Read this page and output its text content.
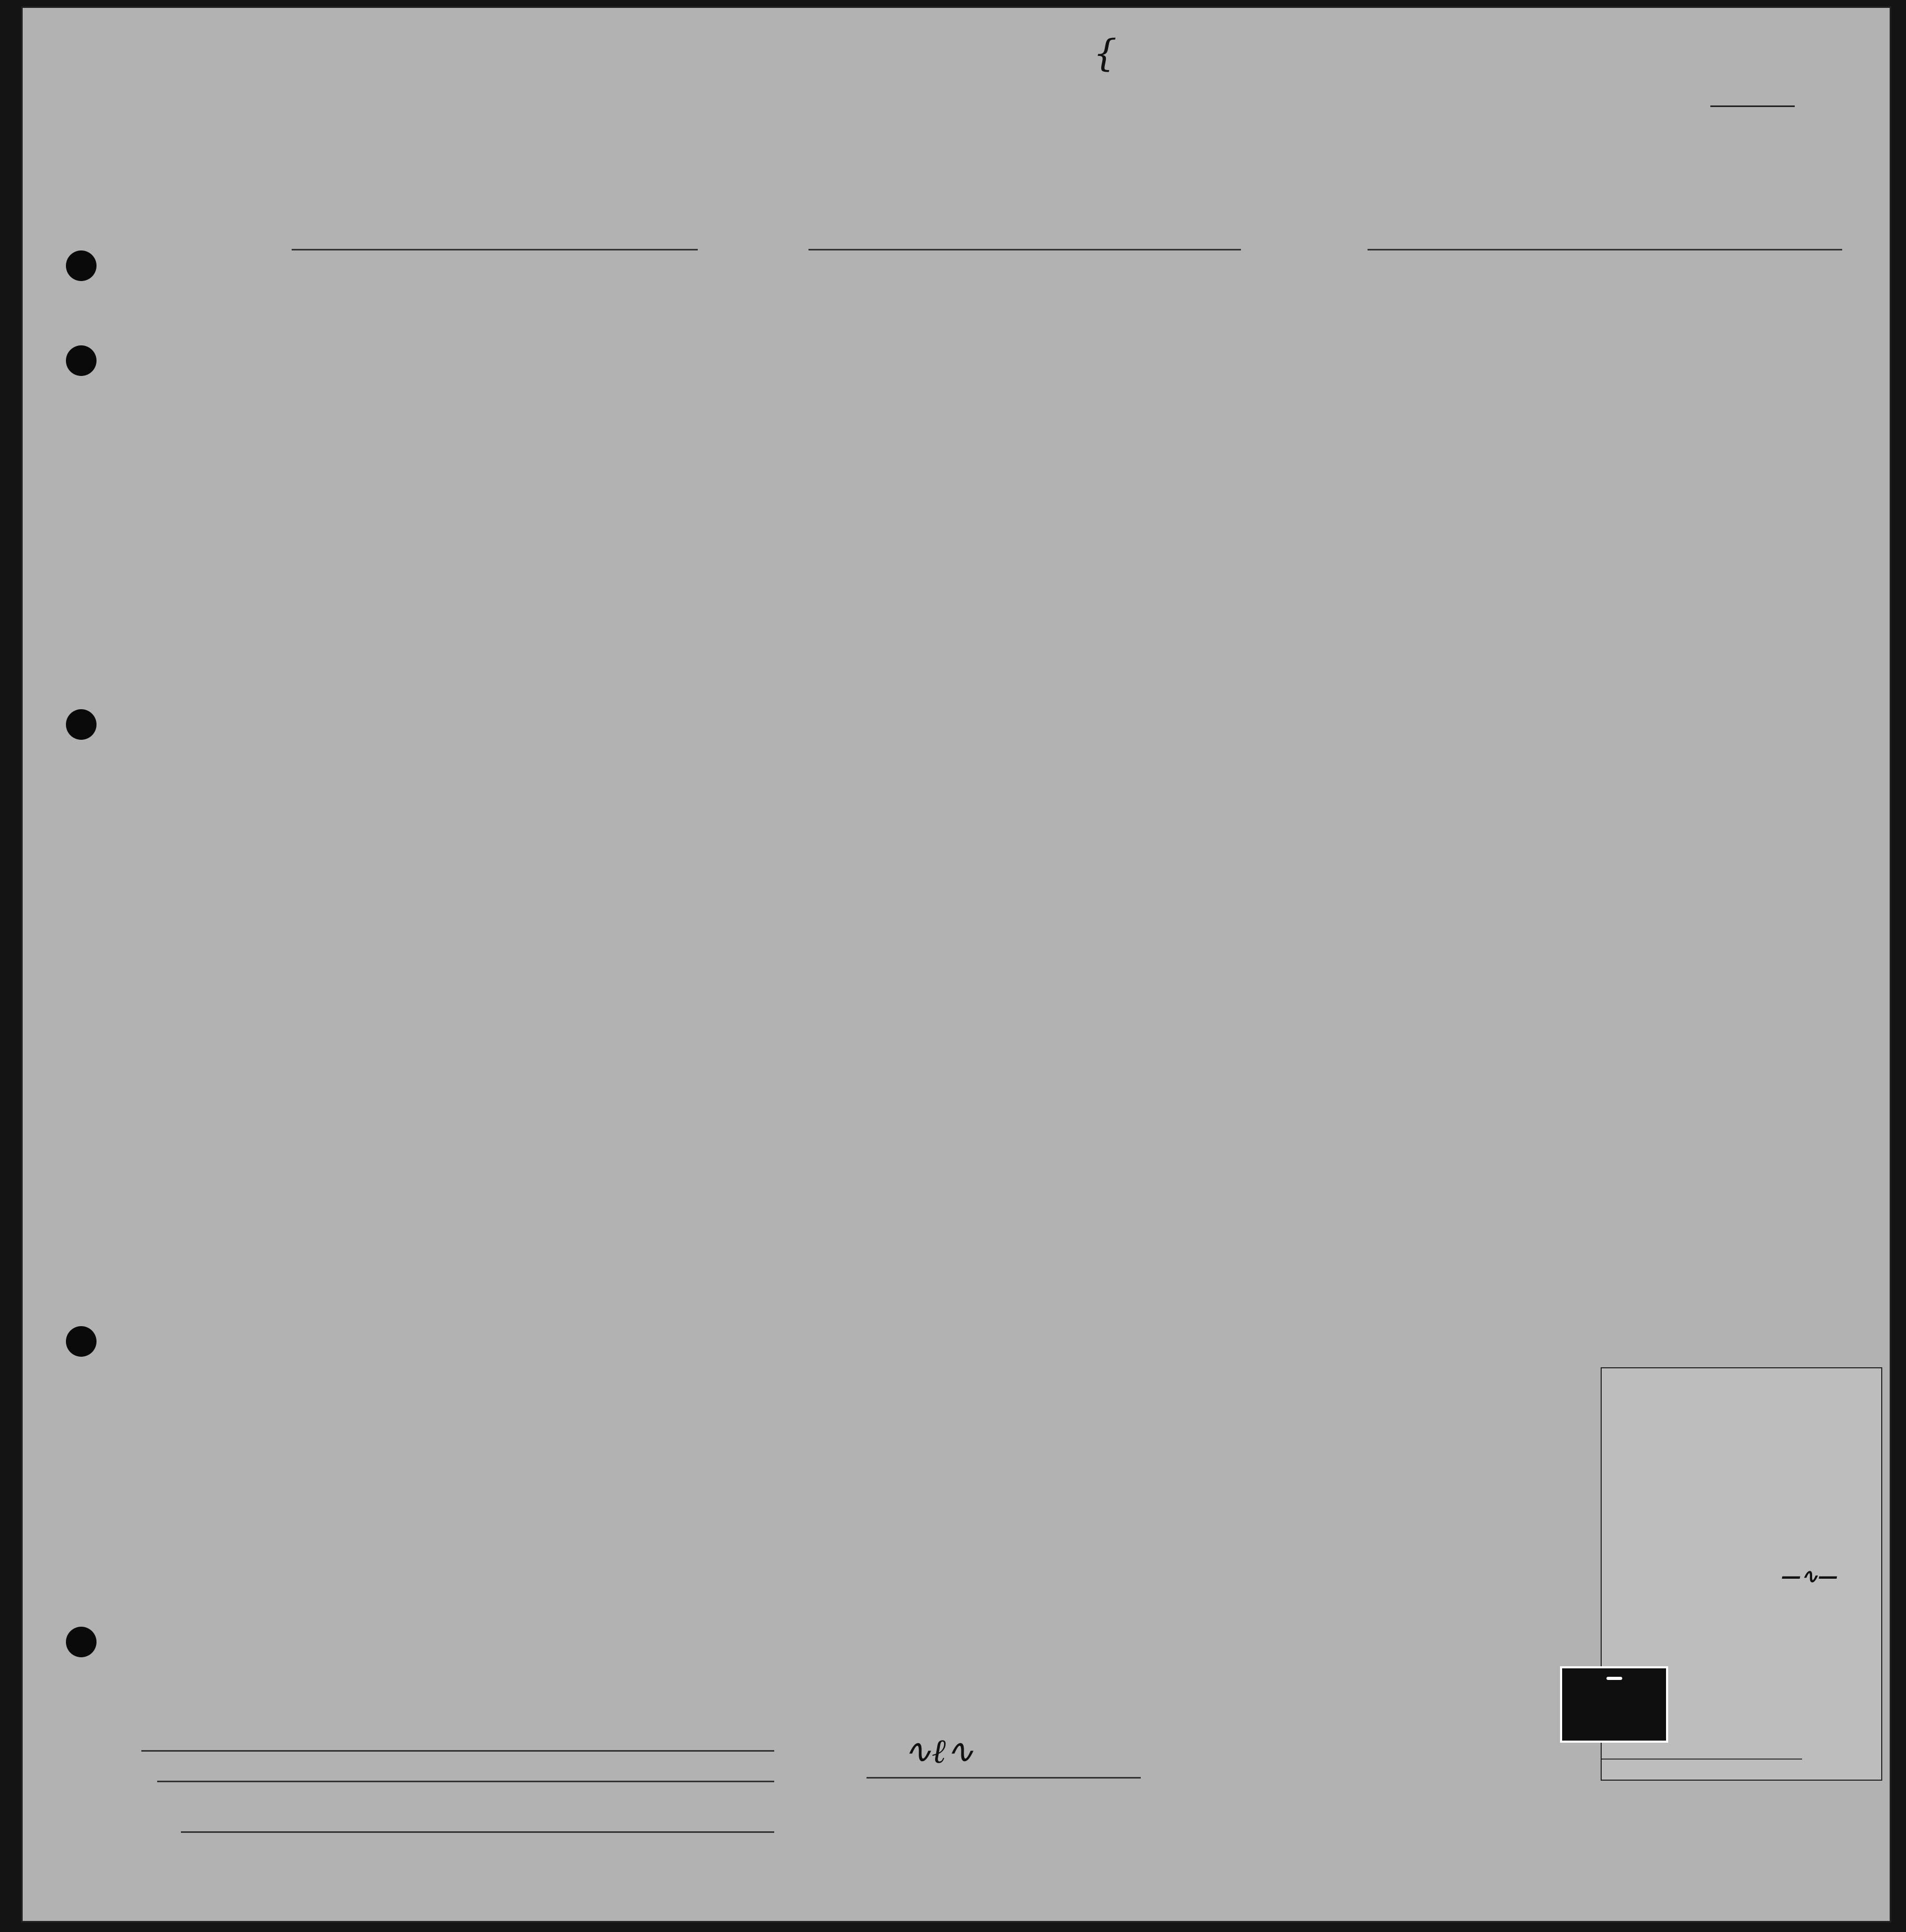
{

—∿—
∿ℓ∿
